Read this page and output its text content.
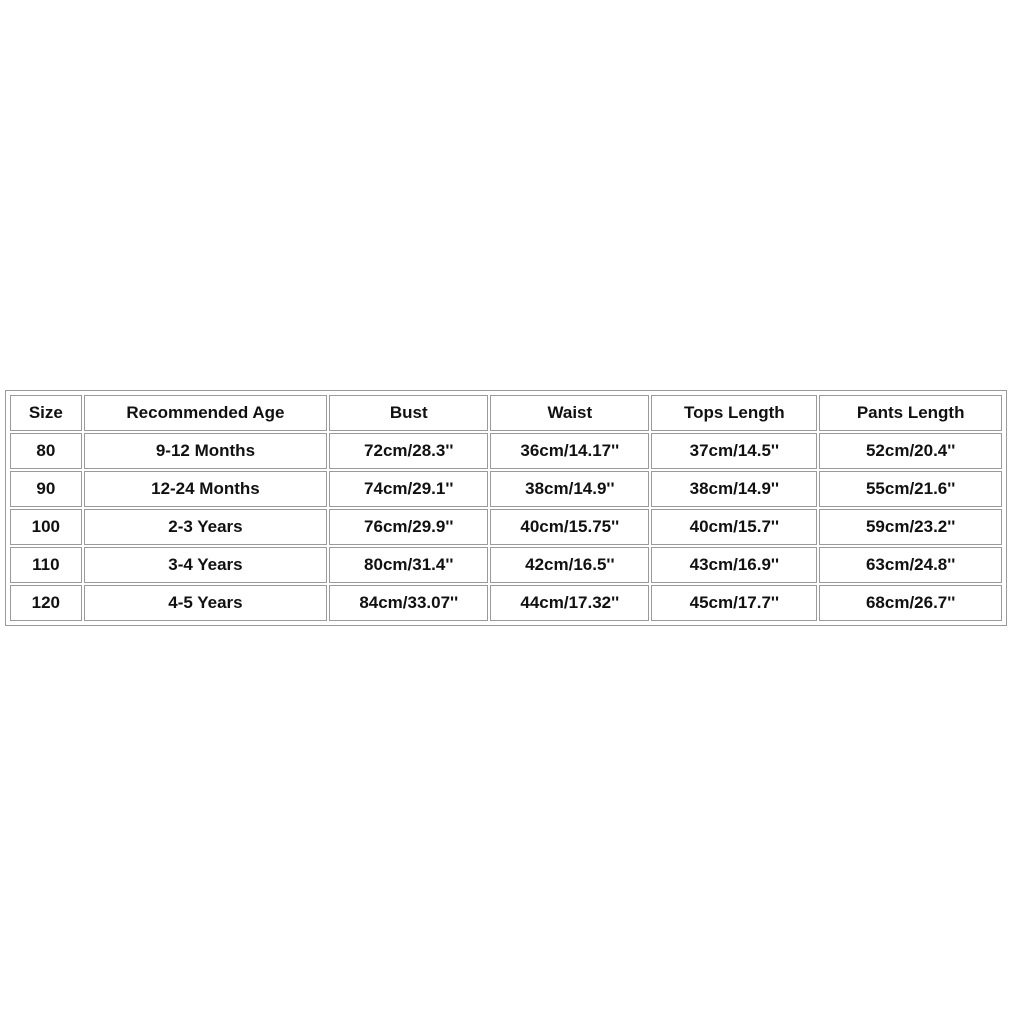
Size	Recommended Age	Bust	Waist	Tops Length	Pants Length
80	9-12 Months	72cm/28.3''	36cm/14.17''	37cm/14.5''	52cm/20.4''
90	12-24 Months	74cm/29.1''	38cm/14.9''	38cm/14.9''	55cm/21.6''
100	2-3 Years	76cm/29.9''	40cm/15.75''	40cm/15.7''	59cm/23.2''
110	3-4 Years	80cm/31.4''	42cm/16.5''	43cm/16.9''	63cm/24.8''
120	4-5 Years	84cm/33.07''	44cm/17.32''	45cm/17.7''	68cm/26.7''
